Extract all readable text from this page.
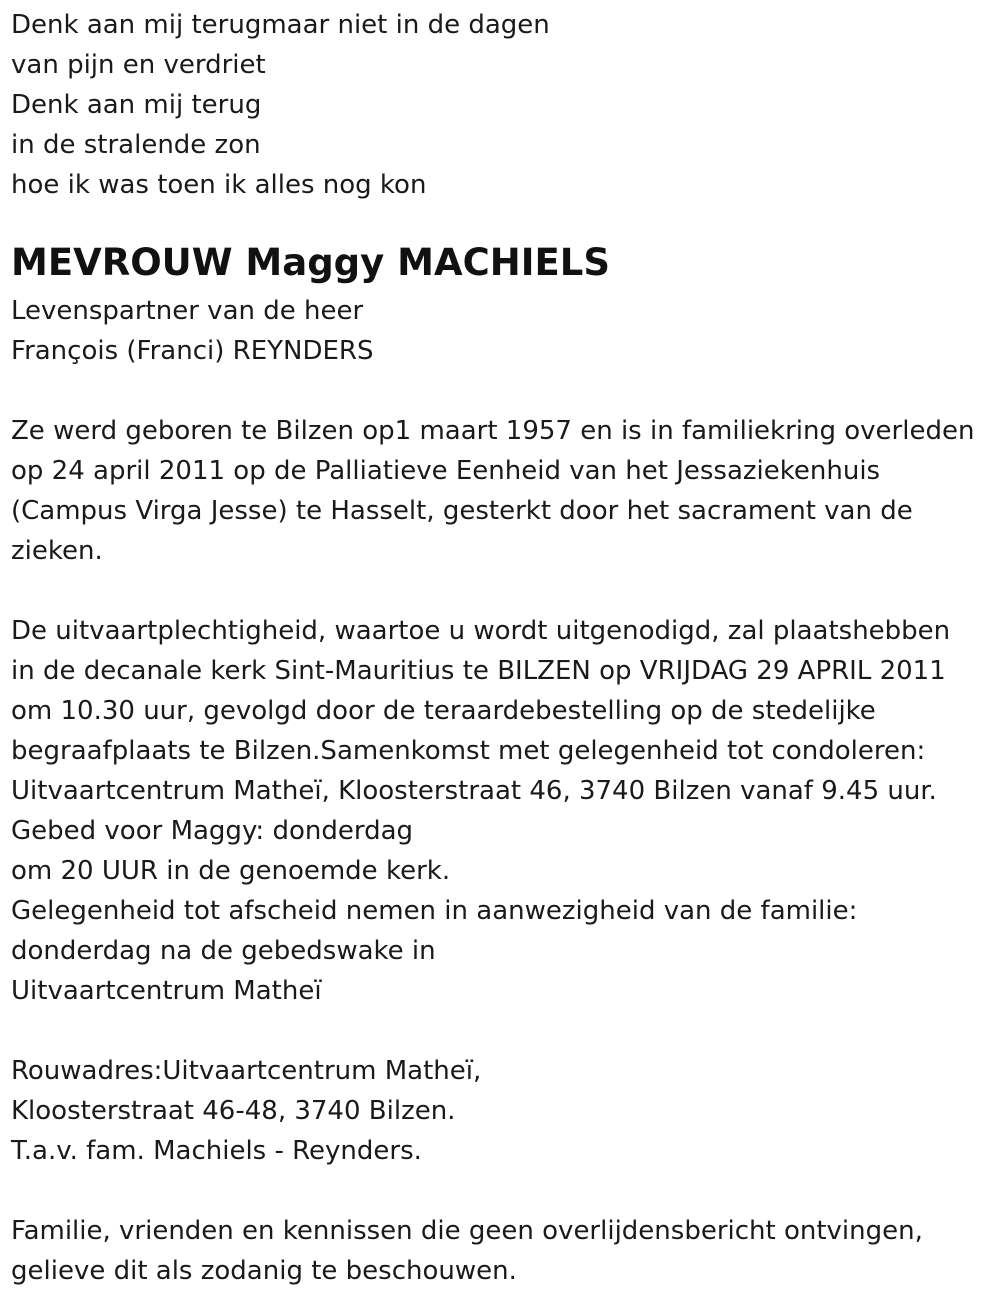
Denk aan mij terugmaar niet in de dagen
van pijn en verdriet
Denk aan mij terug
in de stralende zon
hoe ik was toen ik alles nog kon
MEVROUW Maggy MACHIELS
Levenspartner van de heer
François (Franci) REYNDERS
Ze werd geboren te Bilzen op1 maart 1957 en is in familiekring overleden
op 24 april 2011 op de Palliatieve Eenheid van het Jessaziekenhuis
(Campus Virga Jesse) te Hasselt, gesterkt door het sacrament van de
zieken.
De uitvaartplechtigheid, waartoe u wordt uitgenodigd, zal plaatshebben
in de decanale kerk Sint-Mauritius te BILZEN op VRIJDAG 29 APRIL 2011
om 10.30 uur, gevolgd door de teraardebestelling op de stedelijke
begraafplaats te Bilzen.Samenkomst met gelegenheid tot condoleren:
Uitvaartcentrum Matheï, Kloosterstraat 46, 3740 Bilzen vanaf 9.45 uur.
Gebed voor Maggy: donderdag
om 20 UUR in de genoemde kerk.
Gelegenheid tot afscheid nemen in aanwezigheid van de familie:
donderdag na de gebedswake in
Uitvaartcentrum Matheï
Rouwadres:Uitvaartcentrum Matheï,
Kloosterstraat 46-48, 3740 Bilzen.
T.a.v. fam. Machiels - Reynders.
Familie, vrienden en kennissen die geen overlijdensbericht ontvingen,
gelieve dit als zodanig te beschouwen.
